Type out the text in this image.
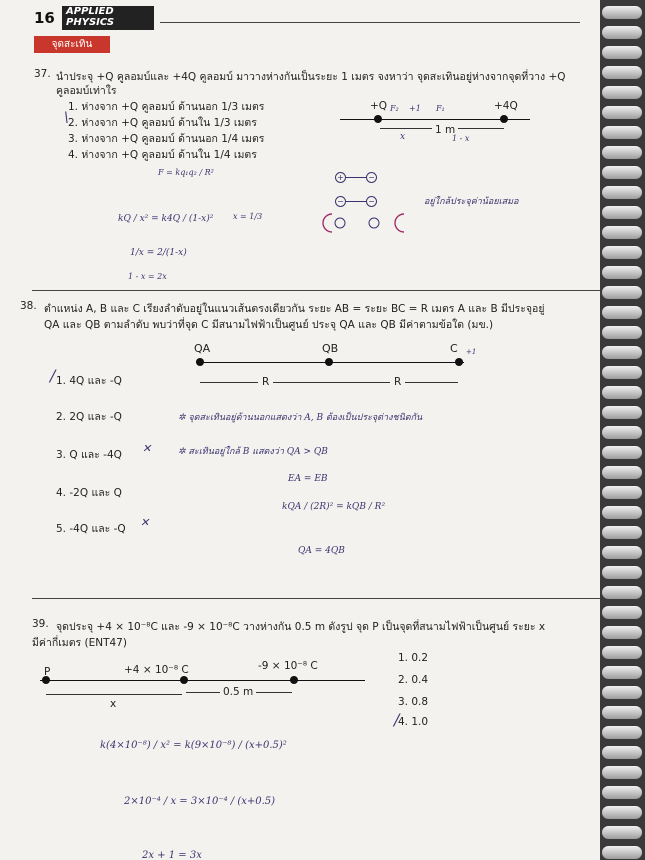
16 APPLIED
PHYSICS
จุดสะเทิน
37. นำประจุ +Q คูลอมบ์และ +4Q คูลอมบ์ มาวางห่างกันเป็นระยะ 1 เมตร จงหาว่า จุดสะเทินอยู่ห่างจากจุดที่วาง +Q
คูลอมบ์เท่าใร
1. ห่างจาก +Q คูลอมบ์ ด้านนอก 1/3 เมตร
2. ห่างจาก +Q คูลอมบ์ ด้านใน 1/3 เมตร
3. ห่างจาก +Q คูลอมบ์ ด้านนอก 1/4 เมตร
4. ห่างจาก +Q คูลอมบ์ ด้านใน 1/4 เมตร
\
+Q	+4Q
F₂ +1 F₁
1 m
x	1 - x
F = kq₁q₂ / R²
kQ / x² = k4Q / (1-x)²
1/x = 2/(1-x)
1 - x = 2x
x = 1/3
อยู่ใกล้ประจุค่าน้อยเสมอ
+	−
−	−
38. ตำแหน่ง A, B และ C เรียงลำดับอยู่ในแนวเส้นตรงเดียวกัน ระยะ AB = ระยะ BC = R เมตร A และ B มีประจุอยู่
QA และ QB ตามลำดับ พบว่าที่จุด C มีสนามไฟฟ้าเป็นศูนย์ ประจุ QA และ QB มีค่าตามข้อใด (มข.)
QA	QB	C +1
R	R
1. 4Q และ -Q
2. 2Q และ -Q
3. Q และ -4Q
4. -2Q และ Q
5. -4Q และ -Q
/
✕
✕
✲ จุดสะเทินอยู่ด้านนอกแสดงว่า A, B ต้องเป็นประจุต่างชนิดกัน
✲ สะเทินอยู่ใกล้ B แสดงว่า QA > QB
EA = EB
kQA / (2R)² = kQB / R²
QA = 4QB
39. จุดประจุ +4 × 10⁻⁸C และ -9 × 10⁻⁸C วางห่างกัน 0.5 m ดังรูป จุด P เป็นจุดที่สนามไฟฟ้าเป็นศูนย์ ระยะ x
มีค่ากี่เมตร (ENT47)
P	+4 × 10⁻⁸ C	-9 × 10⁻⁸ C
0.5 m
x
1. 0.2
2. 0.4
3. 0.8
4. 1.0
/
k(4×10⁻⁸) / x² = k(9×10⁻⁸) / (x+0.5)²
2×10⁻⁴ / x = 3×10⁻⁴ / (x+0.5)
2x + 1 = 3x
